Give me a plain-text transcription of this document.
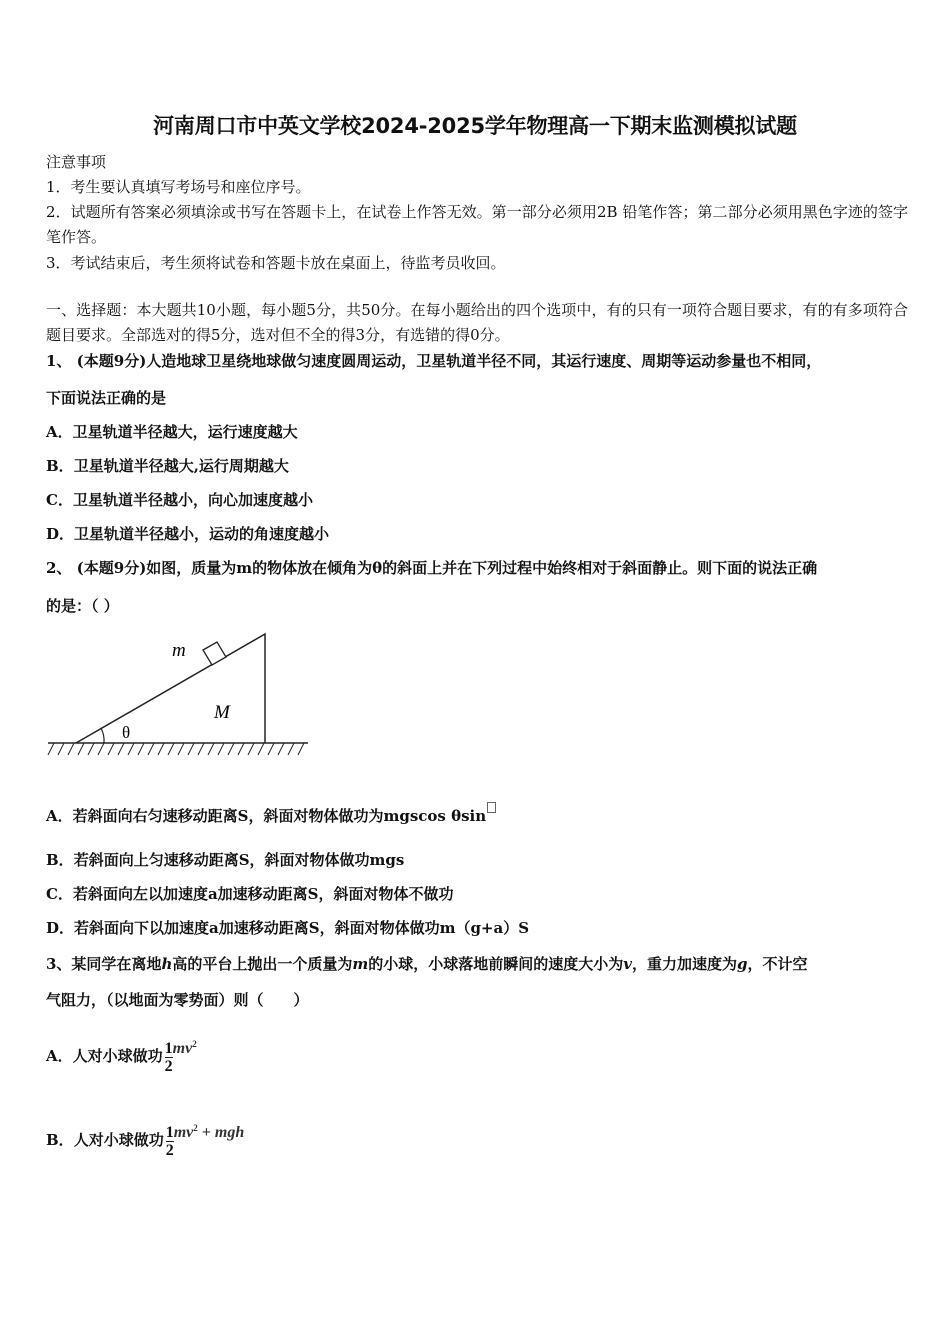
河南周口市中英文学校2024-2025学年物理高一下期末监测模拟试题
注意事项
1．考生要认真填写考场号和座位序号。
2．试题所有答案必须填涂或书写在答题卡上，在试卷上作答无效。第一部分必须用2B 铅笔作答；第二部分必须用黑色字迹的签字笔作答。
3．考试结束后，考生须将试卷和答题卡放在桌面上，待监考员收回。
一、选择题：本大题共10小题，每小题5分，共50分。在每小题给出的四个选项中，有的只有一项符合题目要求，有的有多项符合题目要求。全部选对的得5分，选对但不全的得3分，有选错的得0分。
1、 (本题9分)人造地球卫星绕地球做匀速度圆周运动，卫星轨道半径不同，其运行速度、周期等运动参量也不相同，
下面说法正确的是
A．卫星轨道半径越大，运行速度越大
B．卫星轨道半径越大,运行周期越大
C．卫星轨道半径越小，向心加速度越小
D．卫星轨道半径越小，运动的角速度越小
2、 (本题9分)如图，质量为m的物体放在倾角为θ的斜面上并在下列过程中始终相对于斜面静止。则下面的说法正确
的是：（ ）
m
M
θ
A．若斜面向右匀速移动距离S，斜面对物体做功为mgscos θsin
B．若斜面向上匀速移动距离S，斜面对物体做功mgs
C．若斜面向左以加速度a加速移动距离S，斜面对物体不做功
D．若斜面向下以加速度a加速移动距离S，斜面对物体做功m（g+a）S
3、某同学在离地h高的平台上抛出一个质量为m的小球，小球落地前瞬间的速度大小为v，重力加速度为g，不计空
气阻力，（以地面为零势面）则（　　）
A．人对小球做功 $\frac{1}{2} mv^2$
B．人对小球做功 $\frac{1}{2} mv^2$ + mgh
